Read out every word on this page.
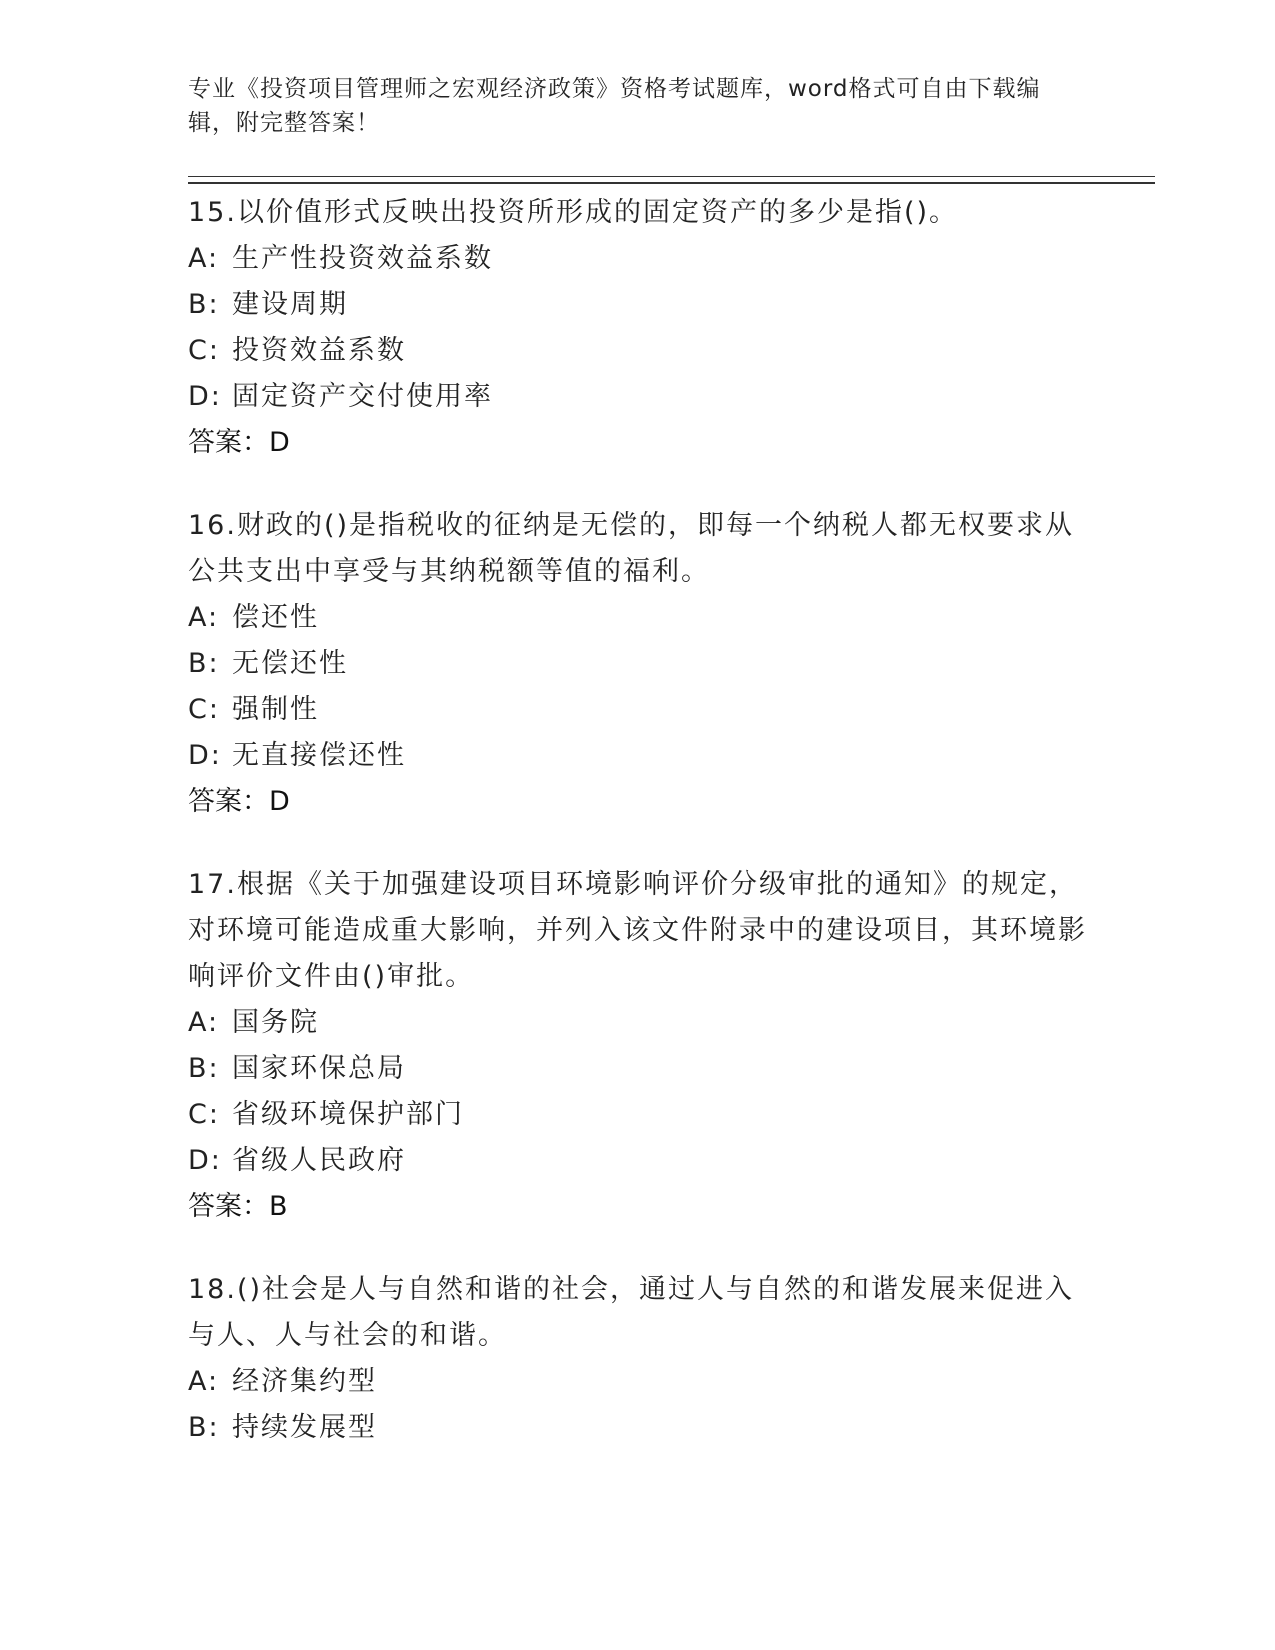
专业《投资项目管理师之宏观经济政策》资格考试题库，word格式可自由下载编辑，附完整答案！
15.以价值形式反映出投资所形成的固定资产的多少是指()。
A: 生产性投资效益系数
B: 建设周期
C: 投资效益系数
D: 固定资产交付使用率
答案：D
16.财政的()是指税收的征纳是无偿的，即每一个纳税人都无权要求从公共支出中享受与其纳税额等值的福利。
A: 偿还性
B: 无偿还性
C: 强制性
D: 无直接偿还性
答案：D
17.根据《关于加强建设项目环境影响评价分级审批的通知》的规定，对环境可能造成重大影响，并列入该文件附录中的建设项目，其环境影响评价文件由()审批。
A: 国务院
B: 国家环保总局
C: 省级环境保护部门
D: 省级人民政府
答案：B
18.()社会是人与自然和谐的社会，通过人与自然的和谐发展来促进入与人、人与社会的和谐。
A: 经济集约型
B: 持续发展型
